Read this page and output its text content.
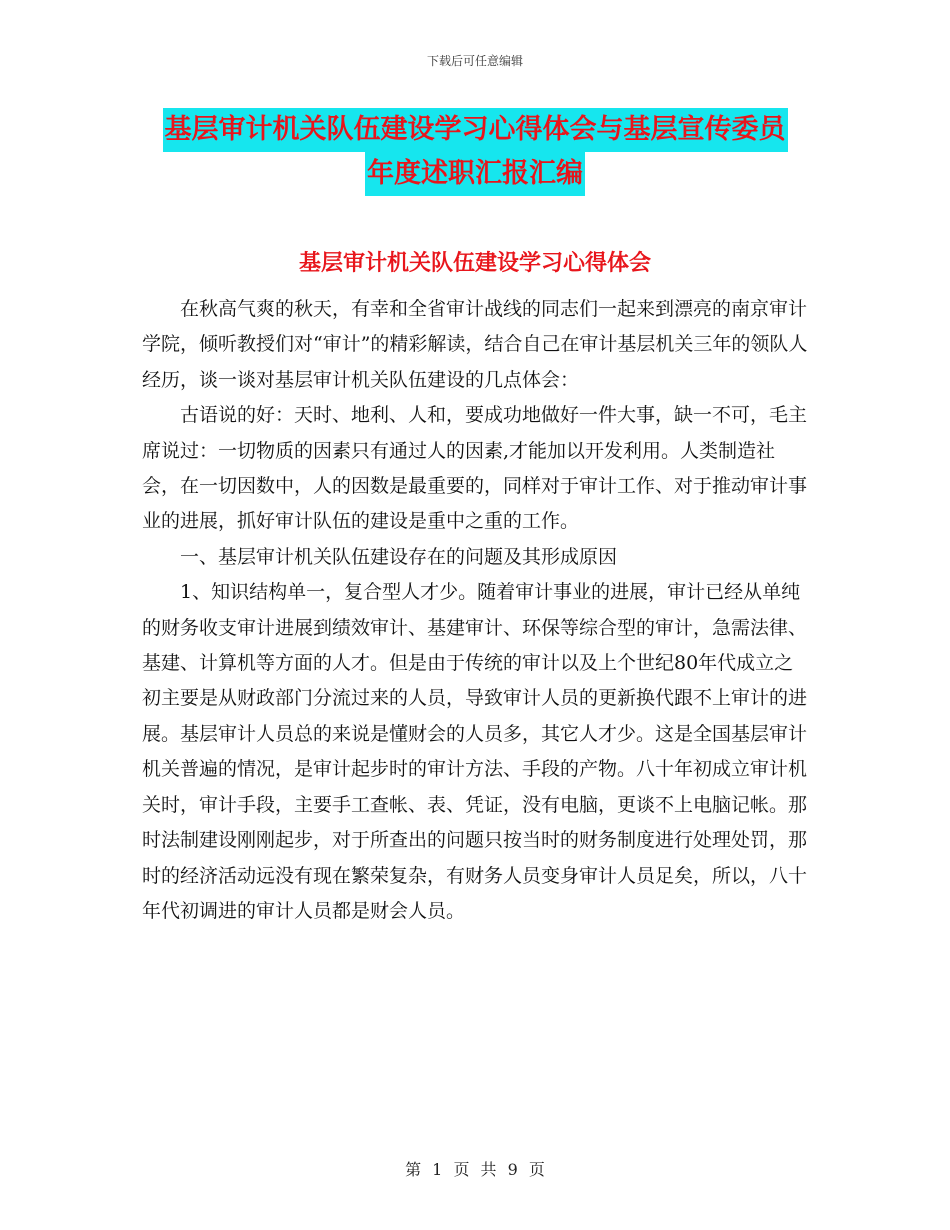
下载后可任意编辑
基层审计机关队伍建设学习心得体会与基层宣传委员
年度述职汇报汇编
基层审计机关队伍建设学习心得体会

在秋高气爽的秋天，有幸和全省审计战线的同志们一起来到漂亮的南京审计学院，倾听教授们对“审计”的精彩解读，结合自己在审计基层机关三年的领队人经历，谈一谈对基层审计机关队伍建设的几点体会：

古语说的好：天时、地利、人和，要成功地做好一件大事，缺一不可，毛主席说过：一切物质的因素只有通过人的因素,才能加以开发利用。人类制造社会，在一切因数中，人的因数是最重要的，同样对于审计工作、对于推动审计事业的进展，抓好审计队伍的建设是重中之重的工作。

一、基层审计机关队伍建设存在的问题及其形成原因

1、知识结构单一，复合型人才少。随着审计事业的进展，审计已经从单纯的财务收支审计进展到绩效审计、基建审计、环保等综合型的审计，急需法律、基建、计算机等方面的人才。但是由于传统的审计以及上个世纪80年代成立之初主要是从财政部门分流过来的人员，导致审计人员的更新换代跟不上审计的进展。基层审计人员总的来说是懂财会的人员多，其它人才少。这是全国基层审计机关普遍的情况，是审计起步时的审计方法、手段的产物。八十年初成立审计机关时，审计手段，主要手工查帐、表、凭证，没有电脑，更谈不上电脑记帐。那时法制建设刚刚起步，对于所查出的问题只按当时的财务制度进行处理处罚，那时的经济活动远没有现在繁荣复杂，有财务人员变身审计人员足矣，所以，八十年代初调进的审计人员都是财会人员。

第 1 页 共 9 页
